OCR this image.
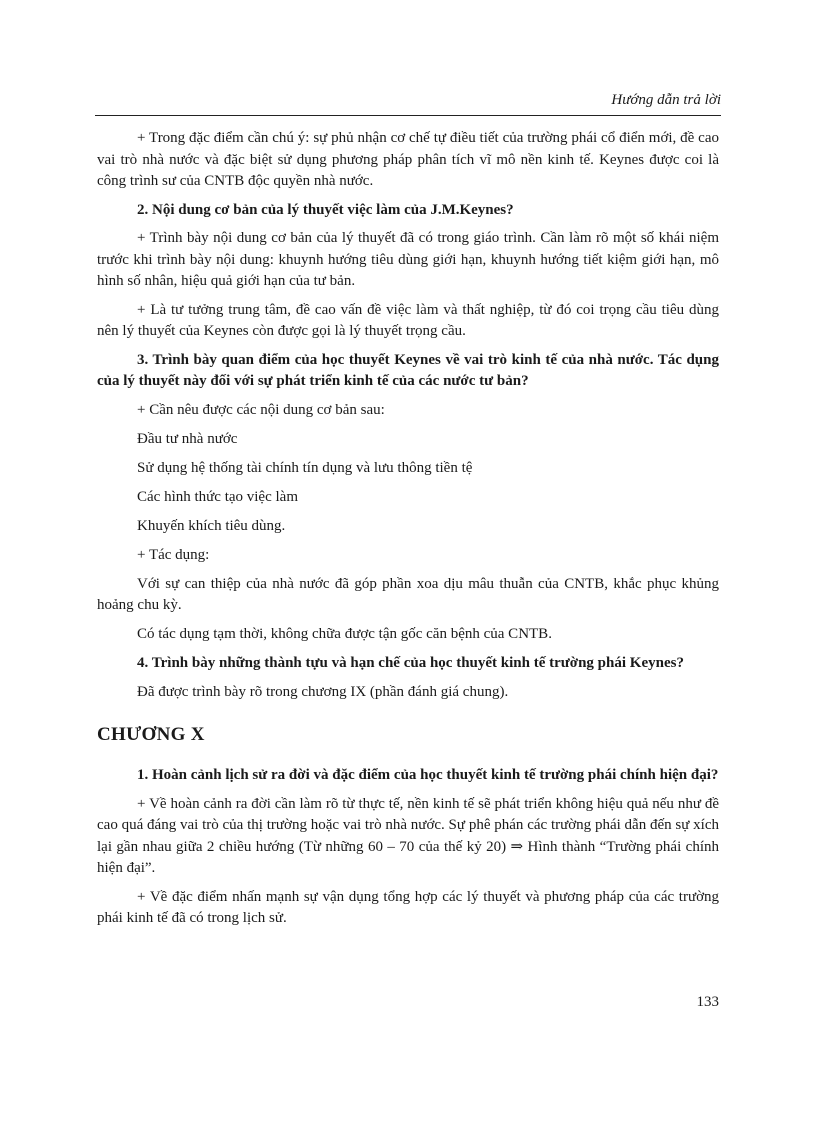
Hướng dẫn trả lời

+ Trong đặc điểm cần chú ý: sự phủ nhận cơ chế tự điều tiết của trường phái cổ điển mới, đề cao vai trò nhà nước và đặc biệt sử dụng phương pháp phân tích vĩ mô nền kinh tế. Keynes được coi là công trình sư của CNTB độc quyền nhà nước.

2. Nội dung cơ bản của lý thuyết việc làm của J.M.Keynes?

+ Trình bày nội dung cơ bản của lý thuyết đã có trong giáo trình. Cần làm rõ một số khái niệm trước khi trình bày nội dung: khuynh hướng tiêu dùng giới hạn, khuynh hướng tiết kiệm giới hạn, mô hình số nhân, hiệu quả giới hạn của tư bản.

+ Là tư tưởng trung tâm, đề cao vấn đề việc làm và thất nghiệp, từ đó coi trọng cầu tiêu dùng nên lý thuyết của Keynes còn được gọi là lý thuyết trọng cầu.

3. Trình bày quan điểm của học thuyết Keynes về vai trò kinh tế của nhà nước. Tác dụng của lý thuyết này đối với sự phát triển kinh tế của các nước tư bản?

+ Cần nêu được các nội dung cơ bản sau:

Đầu tư nhà nước

Sử dụng hệ thống tài chính tín dụng và lưu thông tiền tệ

Các hình thức tạo việc làm

Khuyến khích tiêu dùng.

+ Tác dụng:

Với sự can thiệp của nhà nước đã góp phần xoa dịu mâu thuẫn của CNTB, khắc phục khủng hoảng chu kỳ.

Có tác dụng tạm thời, không chữa được tận gốc căn bệnh của CNTB.

4. Trình bày những thành tựu và hạn chế của học thuyết kinh tế trường phái Keynes?

Đã được trình bày rõ trong chương IX (phần đánh giá chung).

CHƯƠNG X

1. Hoàn cảnh lịch sử ra đời và đặc điểm của học thuyết kinh tế trường phái chính hiện đại?

+ Về hoàn cảnh ra đời cần làm rõ từ thực tế, nền kinh tế sẽ phát triển không hiệu quả nếu như đề cao quá đáng vai trò của thị trường hoặc vai trò nhà nước. Sự phê phán các trường phái dẫn đến sự xích lại gần nhau giữa 2 chiều hướng (Từ những 60 – 70 của thế kỷ 20) ⇒ Hình thành “Trường phái chính hiện đại”.

+ Về đặc điểm nhấn mạnh sự vận dụng tổng hợp các lý thuyết và phương pháp của các trường phái kinh tế đã có trong lịch sử.

133
